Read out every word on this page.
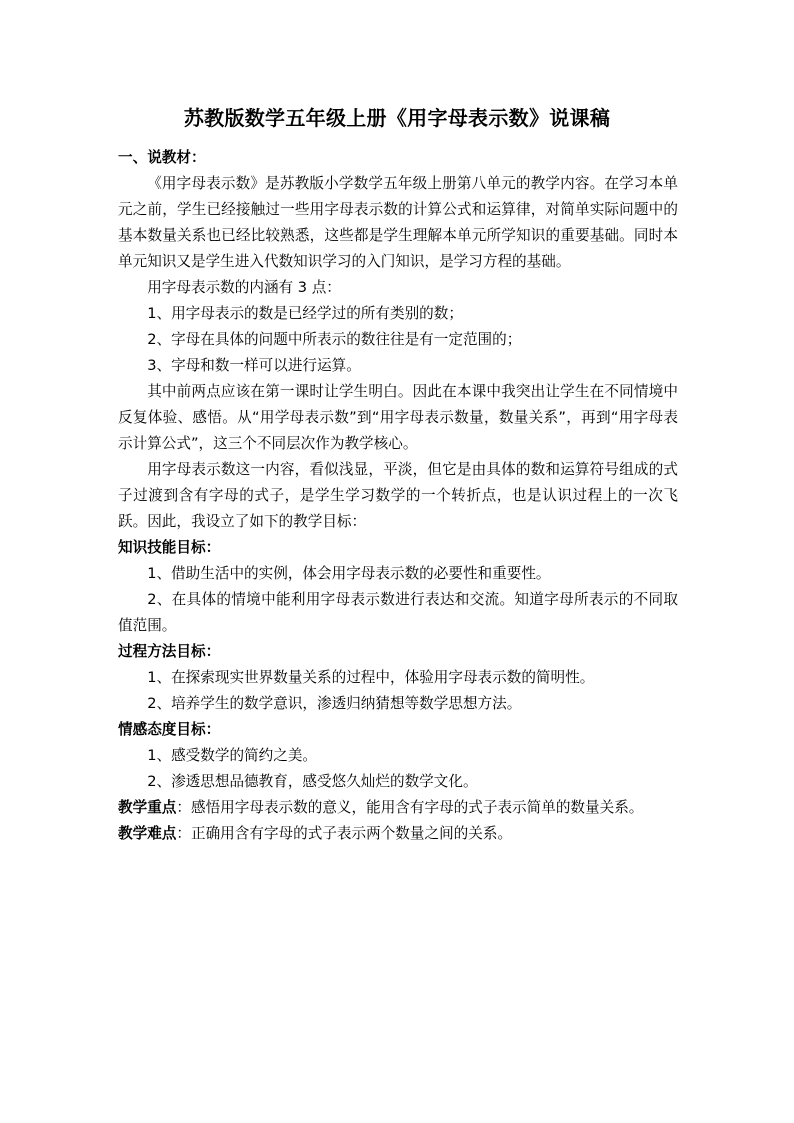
苏教版数学五年级上册《用字母表示数》说课稿

一、说教材：

《用字母表示数》是苏教版小学数学五年级上册第八单元的教学内容。在学习本单元之前，学生已经接触过一些用字母表示数的计算公式和运算律，对简单实际问题中的基本数量关系也已经比较熟悉，这些都是学生理解本单元所学知识的重要基础。同时本单元知识又是学生进入代数知识学习的入门知识，是学习方程的基础。

用字母表示数的内涵有 3 点：

1、用字母表示的数是已经学过的所有类别的数；

2、字母在具体的问题中所表示的数往往是有一定范围的；

3、字母和数一样可以进行运算。

其中前两点应该在第一课时让学生明白。因此在本课中我突出让学生在不同情境中反复体验、感悟。从“用学母表示数”到“用字母表示数量，数量关系”，再到“用字母表示计算公式”，这三个不同层次作为教学核心。

用字母表示数这一内容，看似浅显，平淡，但它是由具体的数和运算符号组成的式子过渡到含有字母的式子，是学生学习数学的一个转折点，也是认识过程上的一次飞跃。因此，我设立了如下的教学目标：

知识技能目标：

1、借助生活中的实例，体会用字母表示数的必要性和重要性。

2、在具体的情境中能利用字母表示数进行表达和交流。知道字母所表示的不同取值范围。

过程方法目标：

1、在探索现实世界数量关系的过程中，体验用字母表示数的简明性。

2、培养学生的数学意识，渗透归纳猜想等数学思想方法。

情感态度目标：

1、感受数学的简约之美。

2、渗透思想品德教育，感受悠久灿烂的数学文化。

教学重点：感悟用字母表示数的意义，能用含有字母的式子表示简单的数量关系。

教学难点：正确用含有字母的式子表示两个数量之间的关系。
